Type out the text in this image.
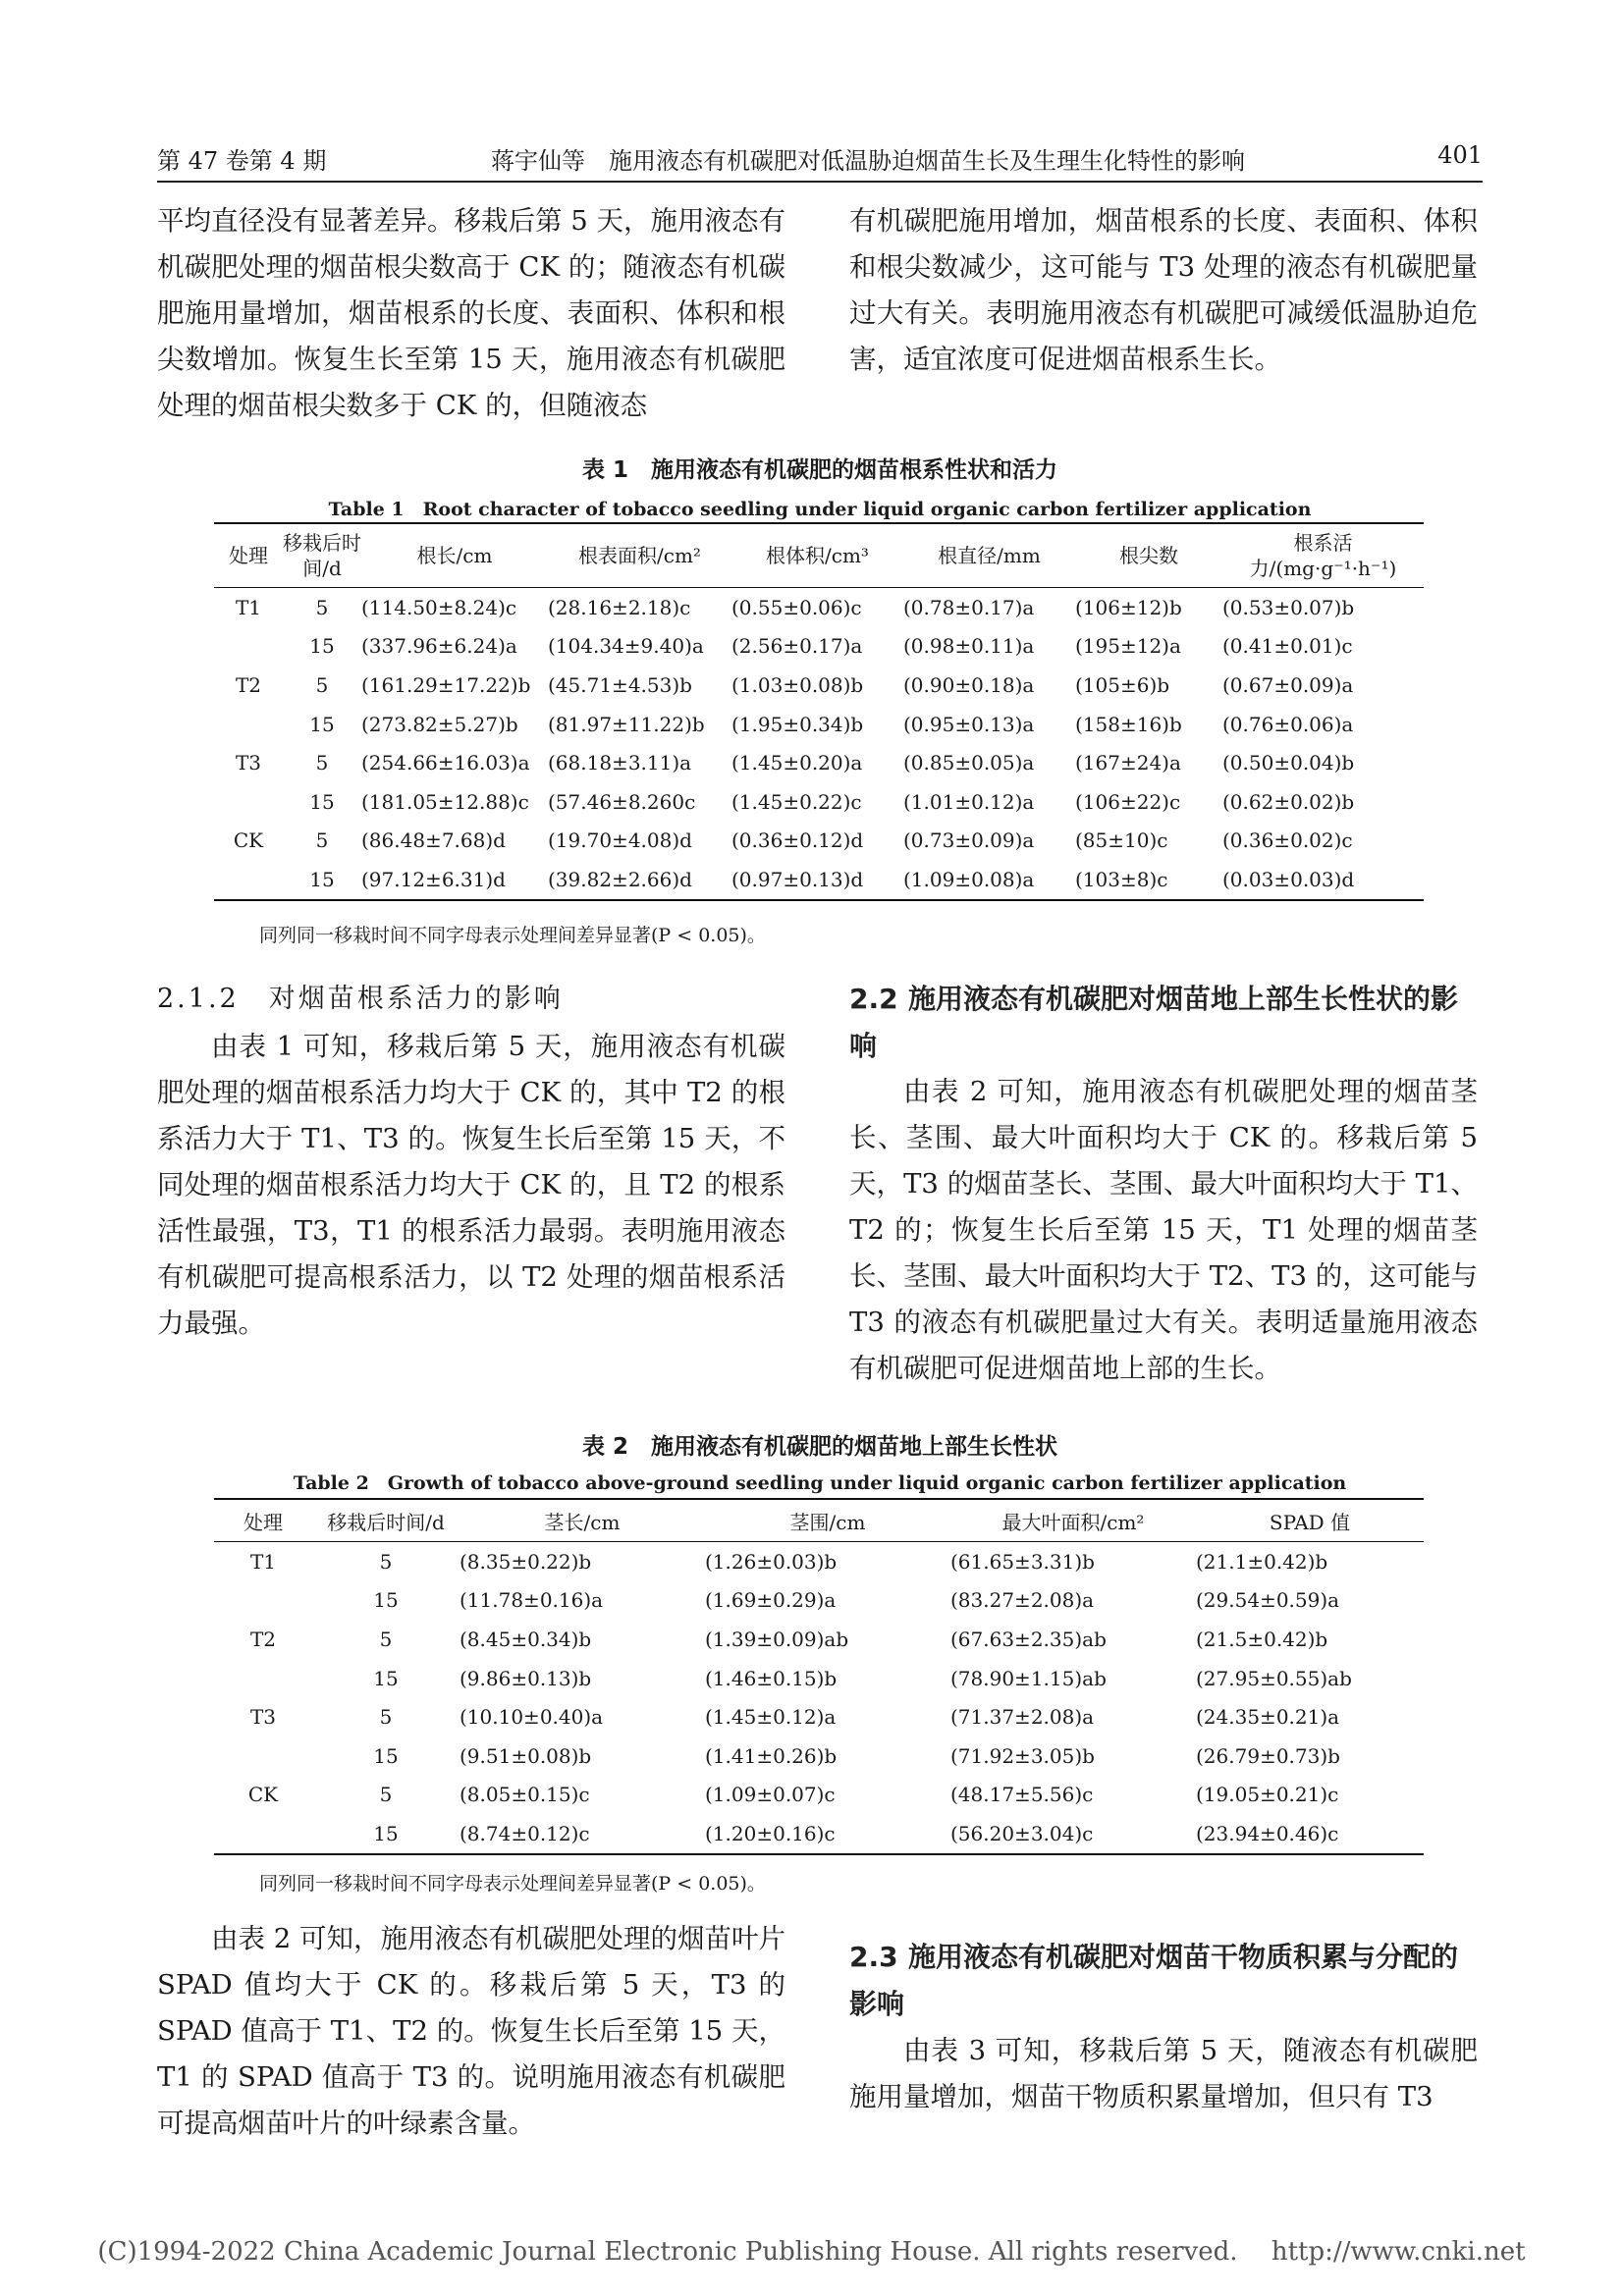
第 47 卷第 4 期	蒋宇仙等　施用液态有机碳肥对低温胁迫烟苗生长及生理生化特性的影响	401

平均直径没有显著差异。移栽后第 5 天，施用液态有机碳肥处理的烟苗根尖数高于 CK 的；随液态有机碳肥施用量增加，烟苗根系的长度、表面积、体积和根尖数增加。恢复生长至第 15 天，施用液态有机碳肥处理的烟苗根尖数多于 CK 的，但随液态

有机碳肥施用增加，烟苗根系的长度、表面积、体积和根尖数减少，这可能与 T3 处理的液态有机碳肥量过大有关。表明施用液态有机碳肥可减缓低温胁迫危害，适宜浓度可促进烟苗根系生长。

表 1　施用液态有机碳肥的烟苗根系性状和活力
Table 1　Root character of tobacco seedling under liquid organic carbon fertilizer application
处理	移栽后时间/d	根长/cm	根表面积/cm²	根体积/cm³	根直径/mm	根尖数	根系活力/(mg·g⁻¹·h⁻¹)
T1	5	(114.50±8.24)c	(28.16±2.18)c	(0.55±0.06)c	(0.78±0.17)a	(106±12)b	(0.53±0.07)b
	15	(337.96±6.24)a	(104.34±9.40)a	(2.56±0.17)a	(0.98±0.11)a	(195±12)a	(0.41±0.01)c
T2	5	(161.29±17.22)b	(45.71±4.53)b	(1.03±0.08)b	(0.90±0.18)a	(105±6)b	(0.67±0.09)a
	15	(273.82±5.27)b	(81.97±11.22)b	(1.95±0.34)b	(0.95±0.13)a	(158±16)b	(0.76±0.06)a
T3	5	(254.66±16.03)a	(68.18±3.11)a	(1.45±0.20)a	(0.85±0.05)a	(167±24)a	(0.50±0.04)b
	15	(181.05±12.88)c	(57.46±8.260c	(1.45±0.22)c	(1.01±0.12)a	(106±22)c	(0.62±0.02)b
CK	5	(86.48±7.68)d	(19.70±4.08)d	(0.36±0.12)d	(0.73±0.09)a	(85±10)c	(0.36±0.02)c
	15	(97.12±6.31)d	(39.82±2.66)d	(0.97±0.13)d	(1.09±0.08)a	(103±8)c	(0.03±0.03)d
同列同一移栽时间不同字母表示处理间差异显著(P < 0.05)。
2.1.2　对烟苗根系活力的影响

由表 1 可知，移栽后第 5 天，施用液态有机碳肥处理的烟苗根系活力均大于 CK 的，其中 T2 的根系活力大于 T1、T3 的。恢复生长后至第 15 天，不同处理的烟苗根系活力均大于 CK 的，且 T2 的根系活性最强，T3，T1 的根系活力最弱。表明施用液态有机碳肥可提高根系活力，以 T2 处理的烟苗根系活力最强。

2.2 施用液态有机碳肥对烟苗地上部生长性状的影响

由表 2 可知，施用液态有机碳肥处理的烟苗茎长、茎围、最大叶面积均大于 CK 的。移栽后第 5 天，T3 的烟苗茎长、茎围、最大叶面积均大于 T1、T2 的；恢复生长后至第 15 天，T1 处理的烟苗茎长、茎围、最大叶面积均大于 T2、T3 的，这可能与 T3 的液态有机碳肥量过大有关。表明适量施用液态有机碳肥可促进烟苗地上部的生长。

表 2　施用液态有机碳肥的烟苗地上部生长性状
Table 2　Growth of tobacco above-ground seedling under liquid organic carbon fertilizer application
处理	移栽后时间/d	茎长/cm	茎围/cm	最大叶面积/cm²	SPAD 值
T1	5	(8.35±0.22)b	(1.26±0.03)b	(61.65±3.31)b	(21.1±0.42)b
	15	(11.78±0.16)a	(1.69±0.29)a	(83.27±2.08)a	(29.54±0.59)a
T2	5	(8.45±0.34)b	(1.39±0.09)ab	(67.63±2.35)ab	(21.5±0.42)b
	15	(9.86±0.13)b	(1.46±0.15)b	(78.90±1.15)ab	(27.95±0.55)ab
T3	5	(10.10±0.40)a	(1.45±0.12)a	(71.37±2.08)a	(24.35±0.21)a
	15	(9.51±0.08)b	(1.41±0.26)b	(71.92±3.05)b	(26.79±0.73)b
CK	5	(8.05±0.15)c	(1.09±0.07)c	(48.17±5.56)c	(19.05±0.21)c
	15	(8.74±0.12)c	(1.20±0.16)c	(56.20±3.04)c	(23.94±0.46)c
同列同一移栽时间不同字母表示处理间差异显著(P < 0.05)。

由表 2 可知，施用液态有机碳肥处理的烟苗叶片 SPAD 值均大于 CK 的。移栽后第 5 天，T3 的 SPAD 值高于 T1、T2 的。恢复生长后至第 15 天，T1 的 SPAD 值高于 T3 的。说明施用液态有机碳肥可提高烟苗叶片的叶绿素含量。

2.3 施用液态有机碳肥对烟苗干物质积累与分配的影响

由表 3 可知，移栽后第 5 天，随液态有机碳肥施用量增加，烟苗干物质积累量增加，但只有 T3

(C)1994-2022 China Academic Journal Electronic Publishing House. All rights reserved.　 http://www.cnki.net
